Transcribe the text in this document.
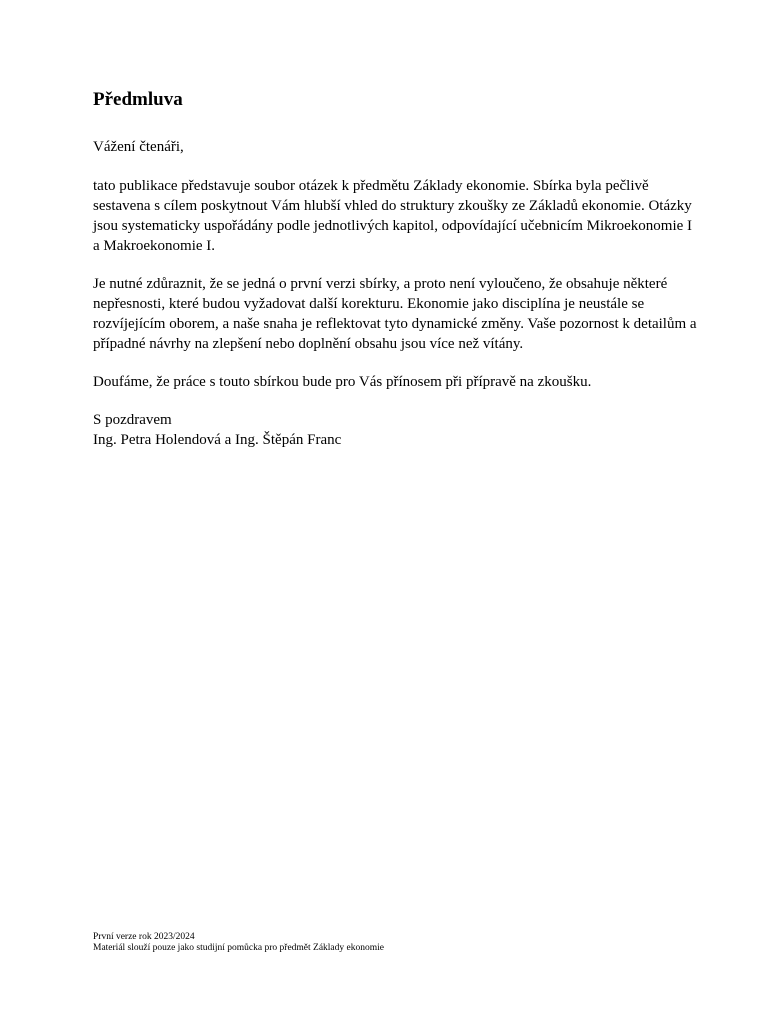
Předmluva

Vážení čtenáři,

tato publikace představuje soubor otázek k předmětu Základy ekonomie. Sbírka byla pečlivě sestavena s cílem poskytnout Vám hlubší vhled do struktury zkoušky ze Základů ekonomie. Otázky jsou systematicky uspořádány podle jednotlivých kapitol, odpovídající učebnicím Mikroekonomie I a Makroekonomie I.

Je nutné zdůraznit, že se jedná o první verzi sbírky, a proto není vyloučeno, že obsahuje některé nepřesnosti, které budou vyžadovat další korekturu. Ekonomie jako disciplína je neustále se rozvíjejícím oborem, a naše snaha je reflektovat tyto dynamické změny. Vaše pozornost k detailům a případné návrhy na zlepšení nebo doplnění obsahu jsou více než vítány.

Doufáme, že práce s touto sbírkou bude pro Vás přínosem při přípravě na zkoušku.

S pozdravem
Ing. Petra Holendová a Ing. Štěpán Franc

První verze rok 2023/2024
Materiál slouží pouze jako studijní pomůcka pro předmět Základy ekonomie
